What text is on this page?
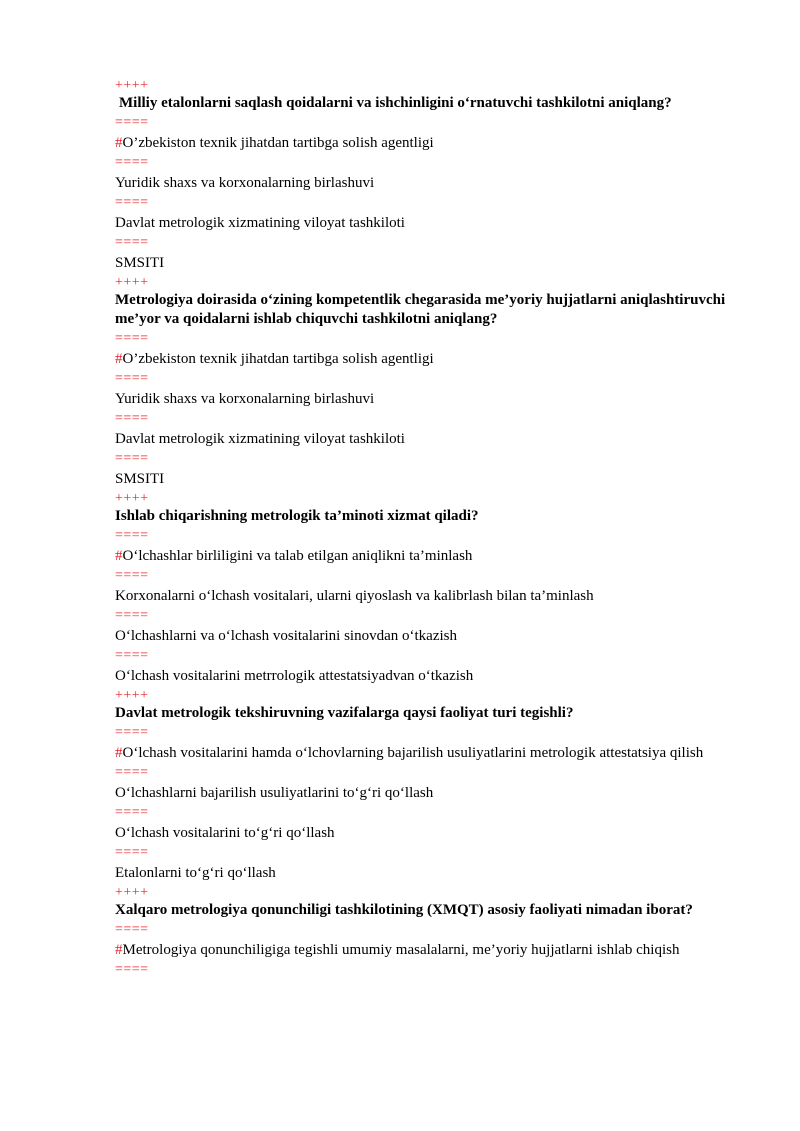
++++
Milliy etalonlarni saqlash qoidalarni va ishchinligini o‘rnatuvchi tashkilotni aniqlang?
====
#O’zbekiston texnik jihatdan tartibga solish agentligi
====
Yuridik shaxs va korxonalarning birlashuvi
====
Davlat metrologik xizmatining viloyat tashkiloti
====
SMSITI
++++
Metrologiya doirasida o‘zining kompetentlik chegarasida me’yoriy hujjatlarni aniqlashtiruvchi me’yor va qoidalarni ishlab chiquvchi tashkilotni aniqlang?
====
#O’zbekiston texnik jihatdan tartibga solish agentligi
====
Yuridik shaxs va korxonalarning birlashuvi
====
Davlat metrologik xizmatining viloyat tashkiloti
====
SMSITI
++++
Ishlab chiqarishning metrologik ta’minoti xizmat qiladi?
====
#O‘lchashlar birliligini va talab etilgan aniqlikni ta’minlash
====
Korxonalarni o‘lchash vositalari, ularni qiyoslash va kalibrlash bilan ta’minlash
====
O‘lchashlarni va o‘lchash vositalarini sinovdan o‘tkazish
====
O‘lchash vositalarini metrrologik attestatsiyadvan o‘tkazish
++++
Davlat metrologik tekshiruvning vazifalarga qaysi faoliyat turi tegishli?
====
#O‘lchash vositalarini hamda o‘lchovlarning bajarilish usuliyatlarini metrologik attestatsiya qilish
====
O‘lchashlarni bajarilish usuliyatlarini to‘g‘ri qo‘llash
====
O‘lchash vositalarini to‘g‘ri qo‘llash
====
Etalonlarni to‘g‘ri qo‘llash
++++
Xalqaro metrologiya qonunchiligi tashkilotining (XMQT) asosiy faoliyati nimadan iborat?
====
#Metrologiya qonunchiligiga tegishli umumiy masalalarni, me’yoriy hujjatlarni ishlab chiqish
====
